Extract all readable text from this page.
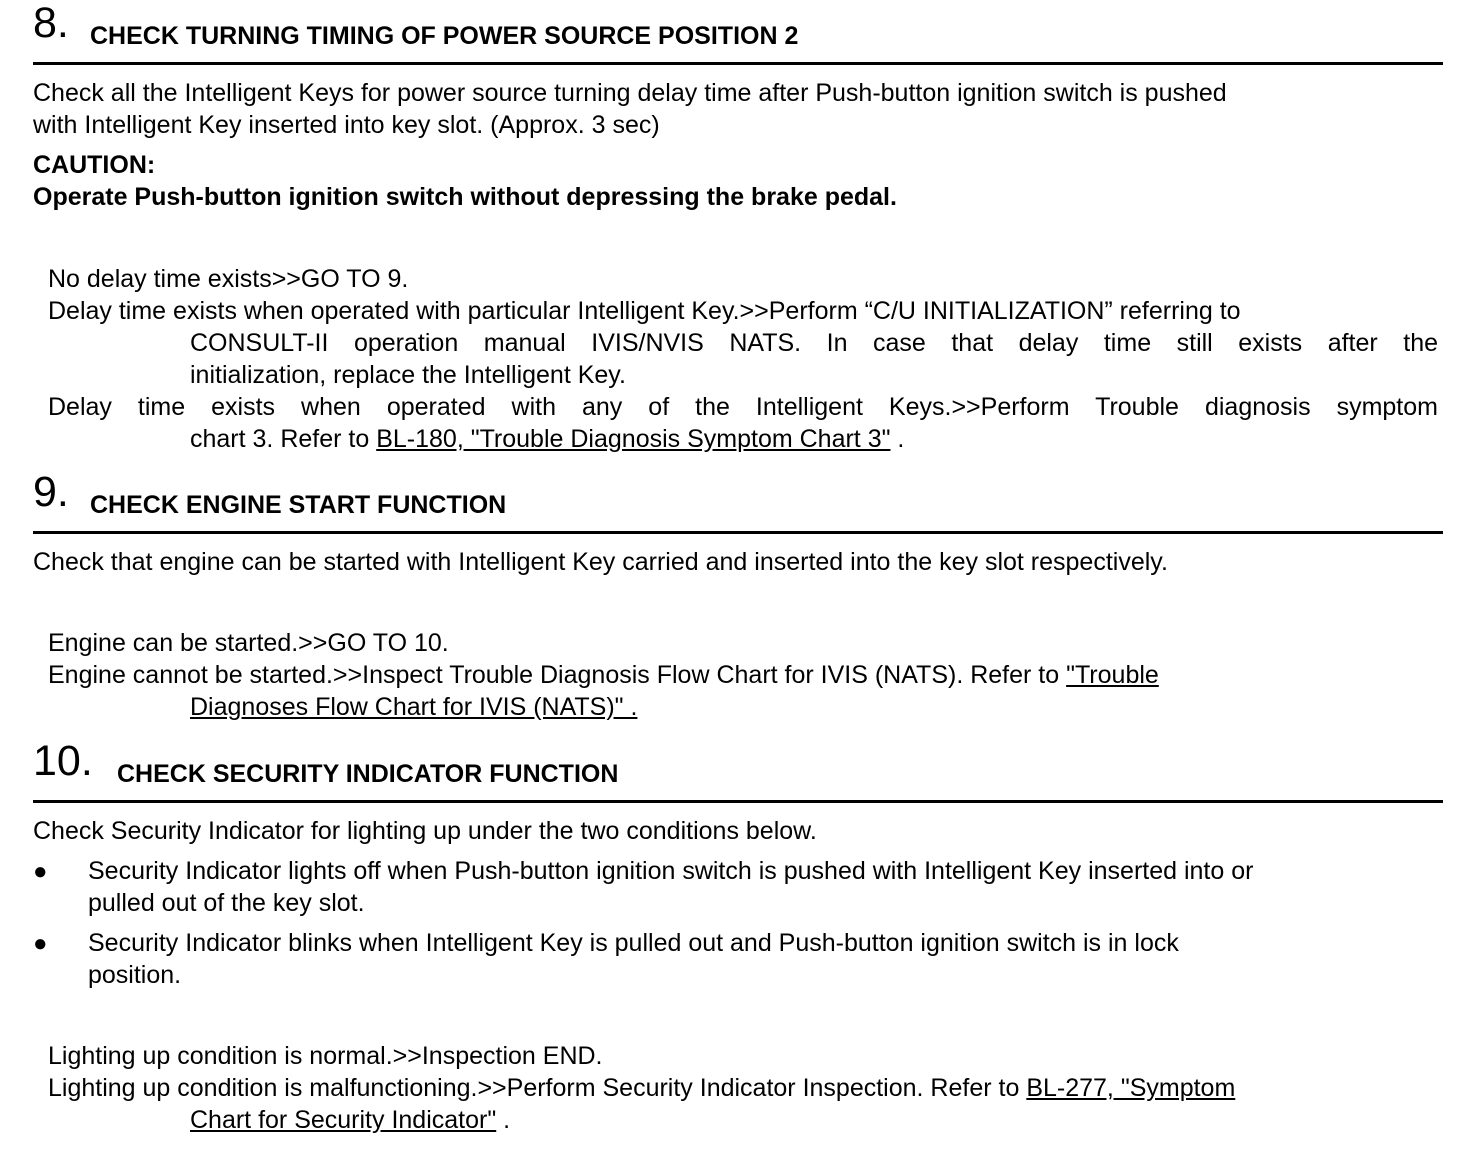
8. CHECK TURNING TIMING OF POWER SOURCE POSITION 2
Check all the Intelligent Keys for power source turning delay time after Push-button ignition switch is pushed
with Intelligent Key inserted into key slot. (Approx. 3 sec)
CAUTION:
Operate Push-button ignition switch without depressing the brake pedal.
No delay time exists>>GO TO 9.
Delay time exists when operated with particular Intelligent Key.>>Perform “C/U INITIALIZATION” referring to
CONSULT-II operation manual IVIS/NVIS NATS. In case that delay time still exists after the
initialization, replace the Intelligent Key.
Delay time exists when operated with any of the Intelligent Keys.>>Perform Trouble diagnosis symptom
chart 3. Refer to BL-180, "Trouble Diagnosis Symptom Chart 3" .
9. CHECK ENGINE START FUNCTION
Check that engine can be started with Intelligent Key carried and inserted into the key slot respectively.
Engine can be started.>>GO TO 10.
Engine cannot be started.>>Inspect Trouble Diagnosis Flow Chart for IVIS (NATS). Refer to "Trouble
Diagnoses Flow Chart for IVIS (NATS)" .
10. CHECK SECURITY INDICATOR FUNCTION
Check Security Indicator for lighting up under the two conditions below.
● Security Indicator lights off when Push-button ignition switch is pushed with Intelligent Key inserted into or
pulled out of the key slot.
● Security Indicator blinks when Intelligent Key is pulled out and Push-button ignition switch is in lock
position.
Lighting up condition is normal.>>Inspection END.
Lighting up condition is malfunctioning.>>Perform Security Indicator Inspection. Refer to BL-277, "Symptom
Chart for Security Indicator" .
